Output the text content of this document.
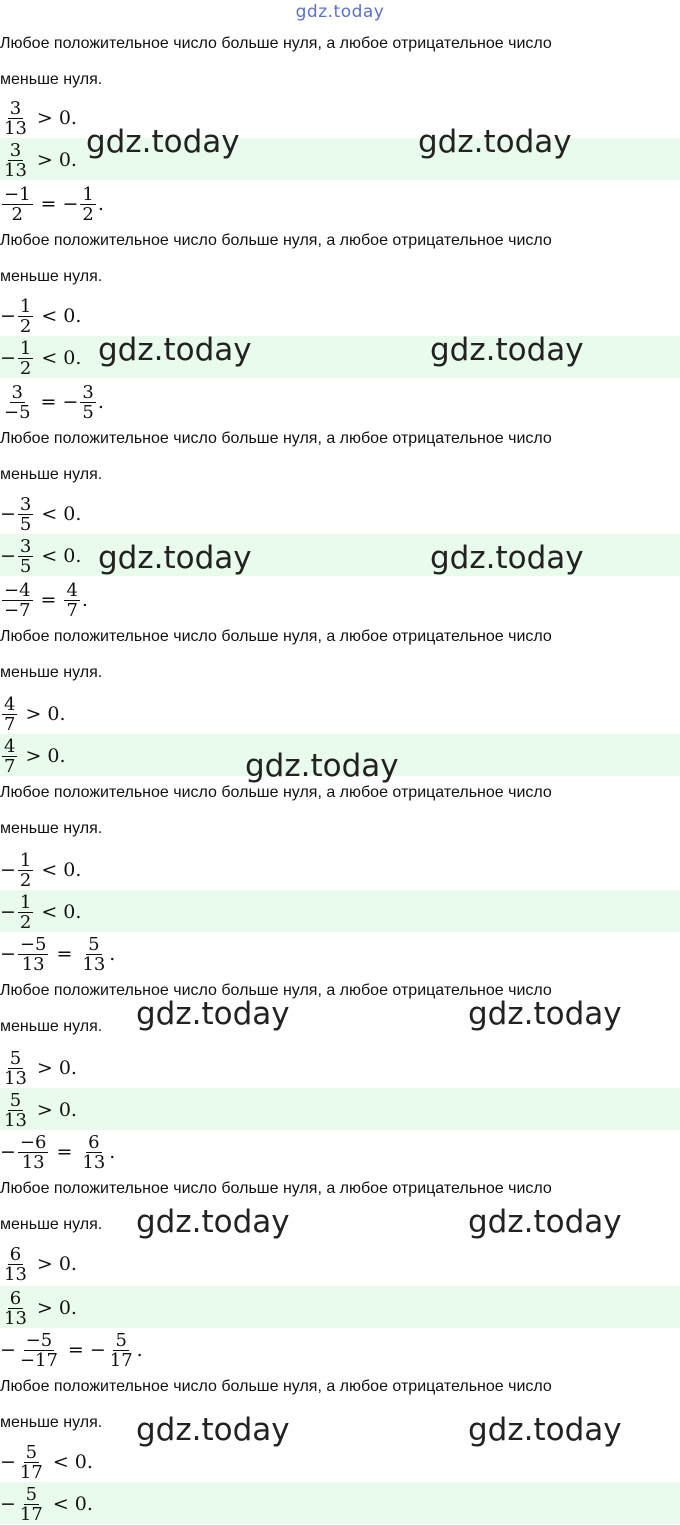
gdz.today
$\frac{3}{13} > 0$.
$\frac{3}{13} > 0$.
Любое положительное число больше нуля, а любое отрицательное число
меньше нуля.
gdz.today	gdz.today
$\frac{-1}{2}$ = − $\frac{1}{2}$ .
Любое положительное число больше нуля, а любое отрицательное число
меньше нуля.
− $\frac{1}{2} < 0$.
− $\frac{1}{2} < 0$. gdz.today	gdz.today
$\frac{3}{-5}$ = − $\frac{3}{5}$ .
Любое положительное число больше нуля, а любое отрицательное число
меньше нуля.
− $\frac{3}{5} < 0$.
− $\frac{3}{5} < 0$. gdz.today	gdz.today
$\frac{-4}{-7} = \frac{4}{7}$ .
Любое положительное число больше нуля, а любое отрицательное число
меньше нуля.
$\frac{4}{7} > 0$.
$\frac{4}{7} > 0$.	gdz.today
Любое положительное число больше нуля, а любое отрицательное число
меньше нуля.
− $\frac{1}{2} < 0$.
− $\frac{1}{2} < 0$.
− $\frac{-5}{13} = \frac{5}{13}$ .
Любое положительное число больше нуля, а любое отрицательное число
меньше нуля. gdz.today	gdz.today
$\frac{5}{13} > 0$.
$\frac{5}{13} > 0$.
− $\frac{-6}{13} = \frac{6}{13}$ .
Любое положительное число больше нуля, а любое отрицательное число
меньше нуля. gdz.today	gdz.today
$\frac{6}{13} > 0$.
$\frac{6}{13} > 0$.
− $\frac{-5}{-17}$ = − $\frac{5}{17}$ .
Любое положительное число больше нуля, а любое отрицательное число
меньше нуля. gdz.today	gdz.today
− $\frac{5}{17} < 0$.
− $\frac{5}{17} < 0$.
